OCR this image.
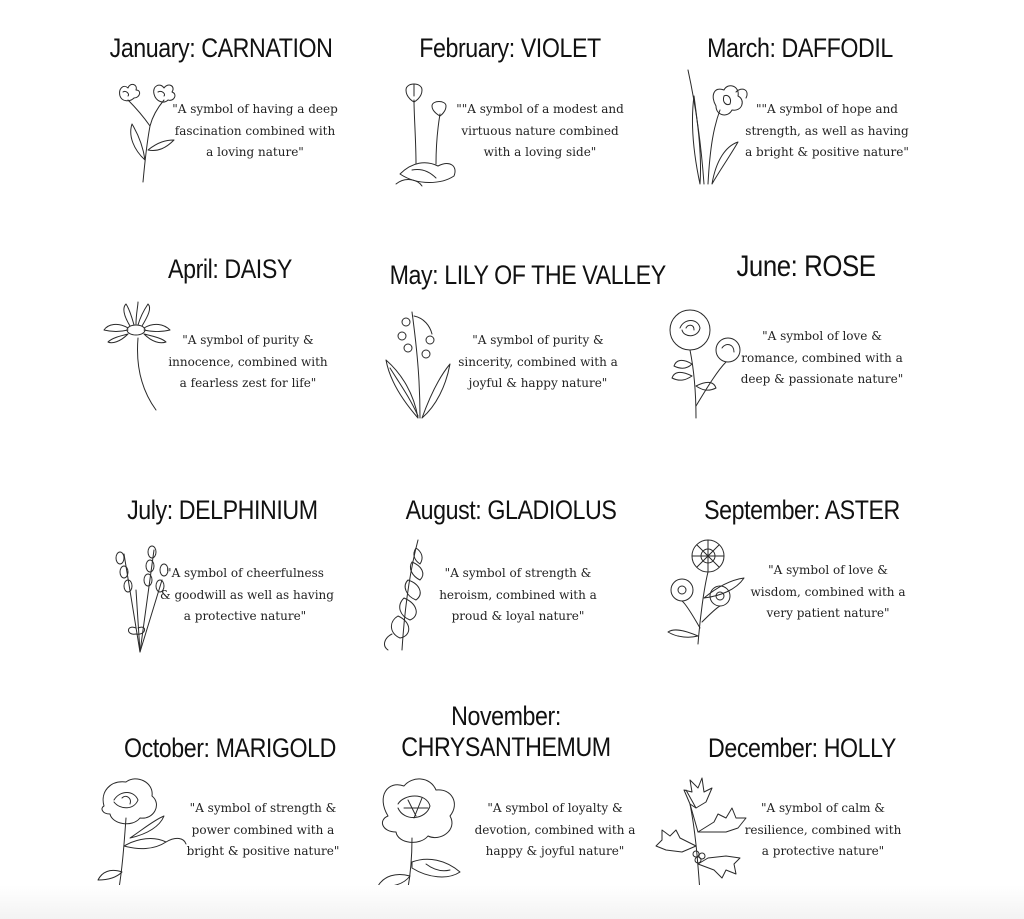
January: CARNATION
"A symbol of having a deep
fascination combined with
a loving nature"
February: VIOLET
""A symbol of a modest and
virtuous nature combined
with a loving side"
March: DAFFODIL
""A symbol of hope and
strength, as well as having
a bright & positive nature"
April: DAISY
"A symbol of purity &
innocence, combined with
a fearless zest for life"
May: LILY OF THE VALLEY
"A symbol of purity &
sincerity, combined with a
joyful & happy nature"
June: ROSE
"A symbol of love &
romance, combined with a
deep & passionate nature"
July: DELPHINIUM
"A symbol of cheerfulness
& goodwill as well as having
a protective nature"
August: GLADIOLUS
"A symbol of strength &
heroism, combined with a
proud & loyal nature"
September: ASTER
"A symbol of love &
wisdom, combined with a
very patient nature"
October: MARIGOLD
"A symbol of strength &
power combined with a
bright & positive nature"
November:
CHRYSANTHEMUM
"A symbol of loyalty &
devotion, combined with a
happy & joyful nature"
December: HOLLY
"A symbol of calm &
resilience, combined with
a protective nature"
